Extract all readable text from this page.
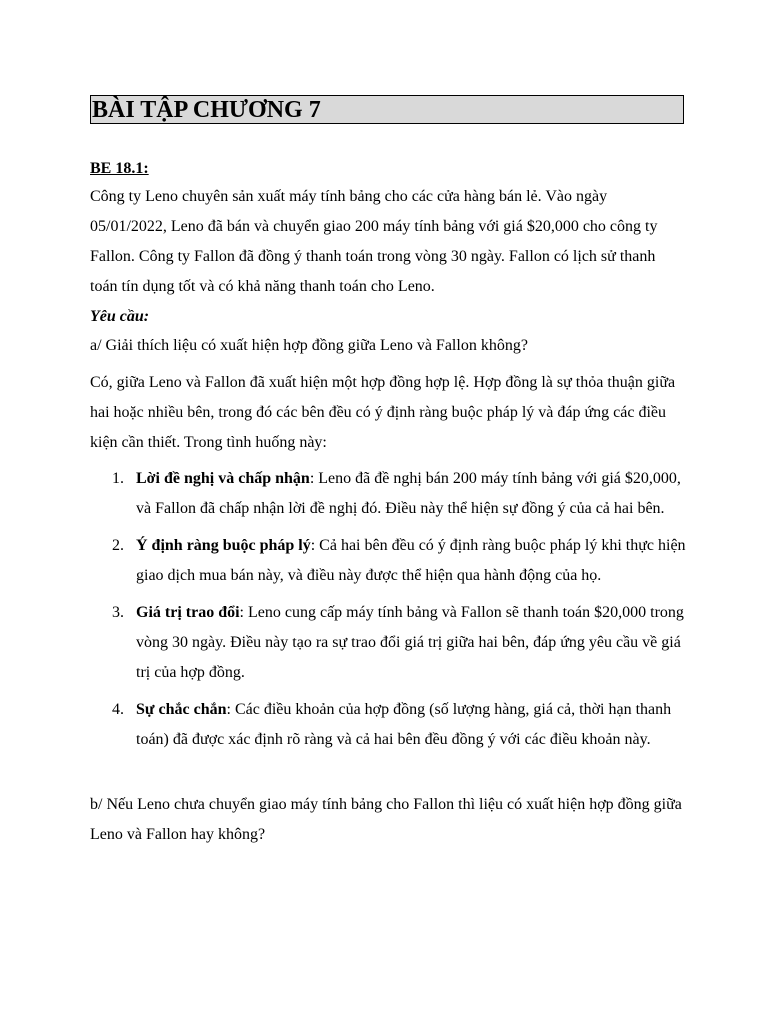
BÀI TẬP CHƯƠNG 7
BE 18.1:
Công ty Leno chuyên sản xuất máy tính bảng cho các cửa hàng bán lẻ. Vào ngày 05/01/2022, Leno đã bán và chuyển giao 200 máy tính bảng với giá $20,000 cho công ty Fallon. Công ty Fallon đã đồng ý thanh toán trong vòng 30 ngày. Fallon có lịch sử thanh toán tín dụng tốt và có khả năng thanh toán cho Leno.
Yêu cầu:
a/ Giải thích liệu có xuất hiện hợp đồng giữa Leno và Fallon không?
Có, giữa Leno và Fallon đã xuất hiện một hợp đồng hợp lệ. Hợp đồng là sự thỏa thuận giữa hai hoặc nhiều bên, trong đó các bên đều có ý định ràng buộc pháp lý và đáp ứng các điều kiện cần thiết. Trong tình huống này:
1. Lời đề nghị và chấp nhận: Leno đã đề nghị bán 200 máy tính bảng với giá $20,000, và Fallon đã chấp nhận lời đề nghị đó. Điều này thể hiện sự đồng ý của cả hai bên.
2. Ý định ràng buộc pháp lý: Cả hai bên đều có ý định ràng buộc pháp lý khi thực hiện giao dịch mua bán này, và điều này được thể hiện qua hành động của họ.
3. Giá trị trao đổi: Leno cung cấp máy tính bảng và Fallon sẽ thanh toán $20,000 trong vòng 30 ngày. Điều này tạo ra sự trao đổi giá trị giữa hai bên, đáp ứng yêu cầu về giá trị của hợp đồng.
4. Sự chắc chắn: Các điều khoản của hợp đồng (số lượng hàng, giá cả, thời hạn thanh toán) đã được xác định rõ ràng và cả hai bên đều đồng ý với các điều khoản này.
b/ Nếu Leno chưa chuyển giao máy tính bảng cho Fallon thì liệu có xuất hiện hợp đồng giữa Leno và Fallon hay không?
